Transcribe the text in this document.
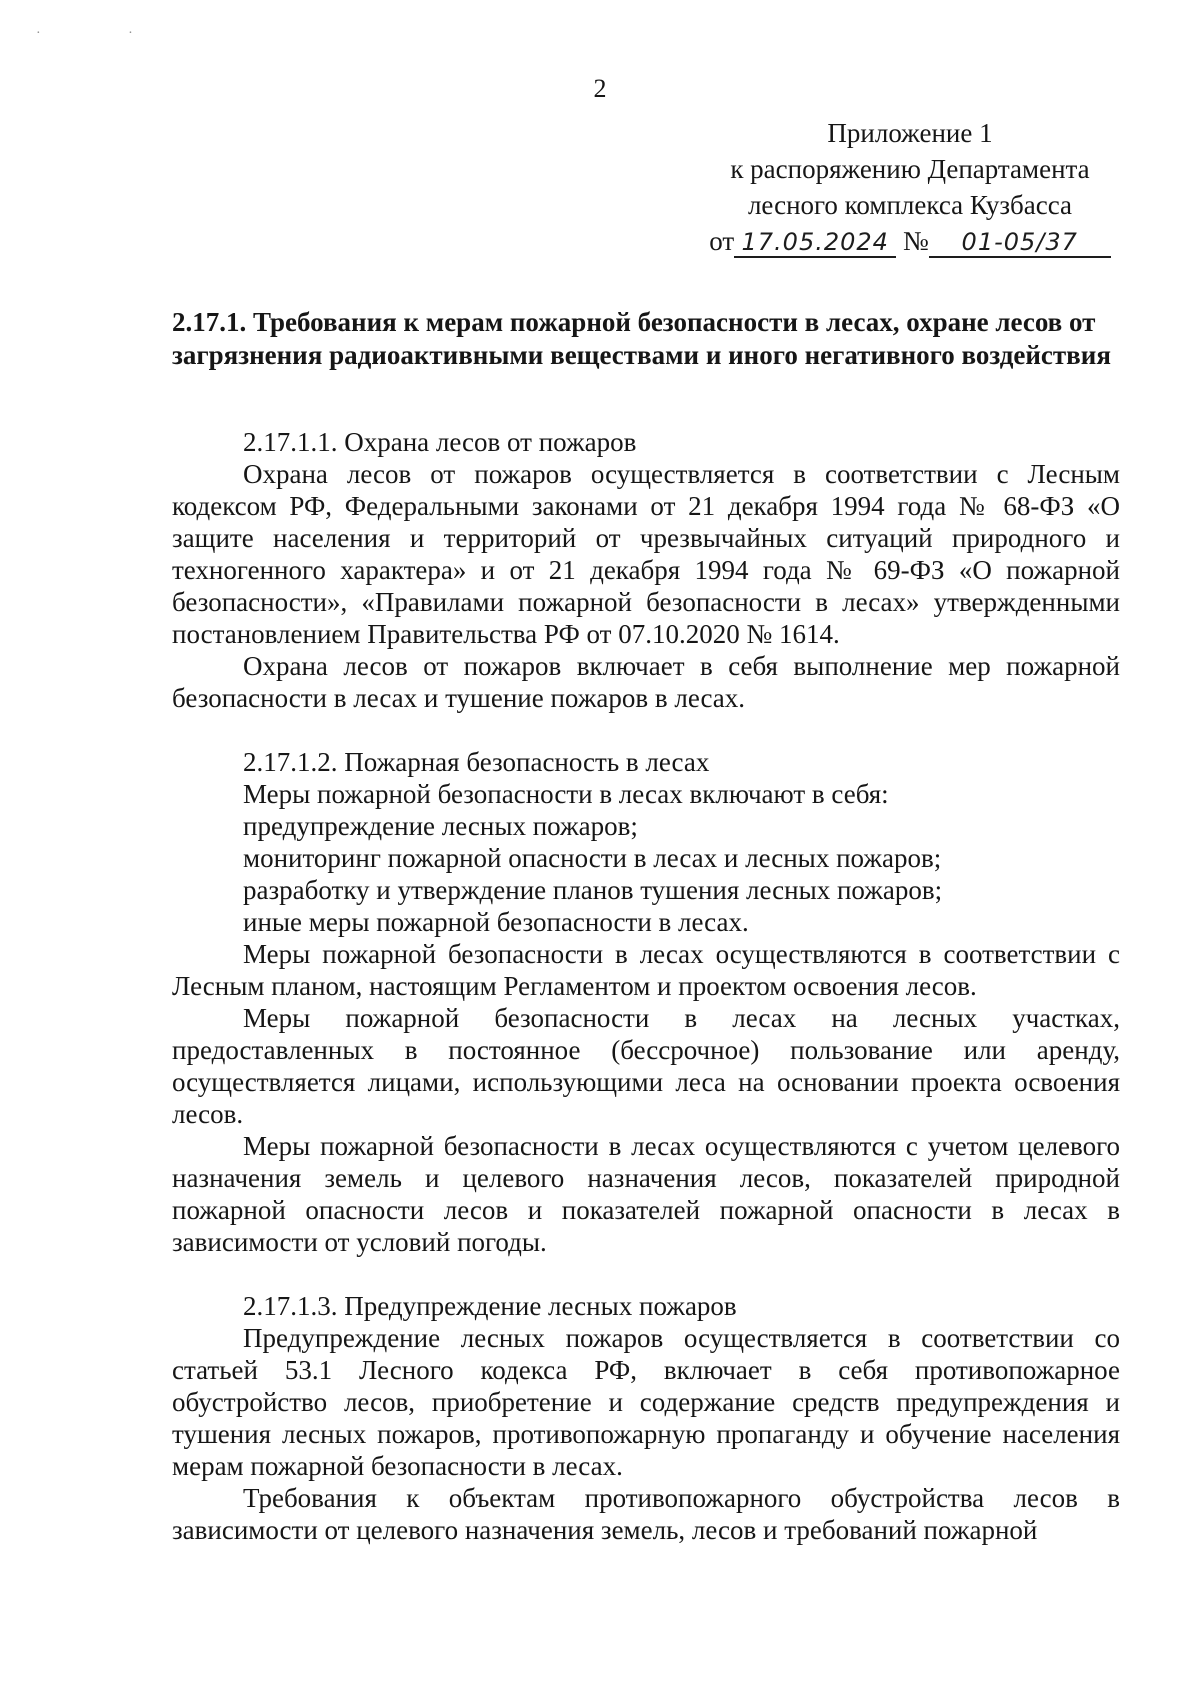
· ·
2
Приложение 1
к распоряжению Департамента
лесного комплекса Кузбасса
от 17.05.2024 № 01-05/37

2.17.1. Требования к мерам пожарной безопасности в лесах, охране лесов от загрязнения радиоактивными веществами и иного негативного воздействия

2.17.1.1. Охрана лесов от пожаров

Охрана лесов от пожаров осуществляется в соответствии с Лесным кодексом РФ, Федеральными законами от 21 декабря 1994 года № 68-ФЗ «О защите населения и территорий от чрезвычайных ситуаций природного и техногенного характера» и от 21 декабря 1994 года № 69-ФЗ «О пожарной безопасности», «Правилами пожарной безопасности в лесах» утвержденными постановлением Правительства РФ от 07.10.2020 № 1614.

Охрана лесов от пожаров включает в себя выполнение мер пожарной безопасности в лесах и тушение пожаров в лесах.

2.17.1.2. Пожарная безопасность в лесах

Меры пожарной безопасности в лесах включают в себя:

предупреждение лесных пожаров;

мониторинг пожарной опасности в лесах и лесных пожаров;

разработку и утверждение планов тушения лесных пожаров;

иные меры пожарной безопасности в лесах.

Меры пожарной безопасности в лесах осуществляются в соответствии с Лесным планом, настоящим Регламентом и проектом освоения лесов.

Меры пожарной безопасности в лесах на лесных участках, предоставленных в постоянное (бессрочное) пользование или аренду, осуществляется лицами, использующими леса на основании проекта освоения лесов.

Меры пожарной безопасности в лесах осуществляются с учетом целевого назначения земель и целевого назначения лесов, показателей природной пожарной опасности лесов и показателей пожарной опасности в лесах в зависимости от условий погоды.

2.17.1.3. Предупреждение лесных пожаров

Предупреждение лесных пожаров осуществляется в соответствии со статьей 53.1 Лесного кодекса РФ, включает в себя противопожарное обустройство лесов, приобретение и содержание средств предупреждения и тушения лесных пожаров, противопожарную пропаганду и обучение населения мерам пожарной безопасности в лесах.

Требования к объектам противопожарного обустройства лесов в зависимости от целевого назначения земель, лесов и требований пожарной
